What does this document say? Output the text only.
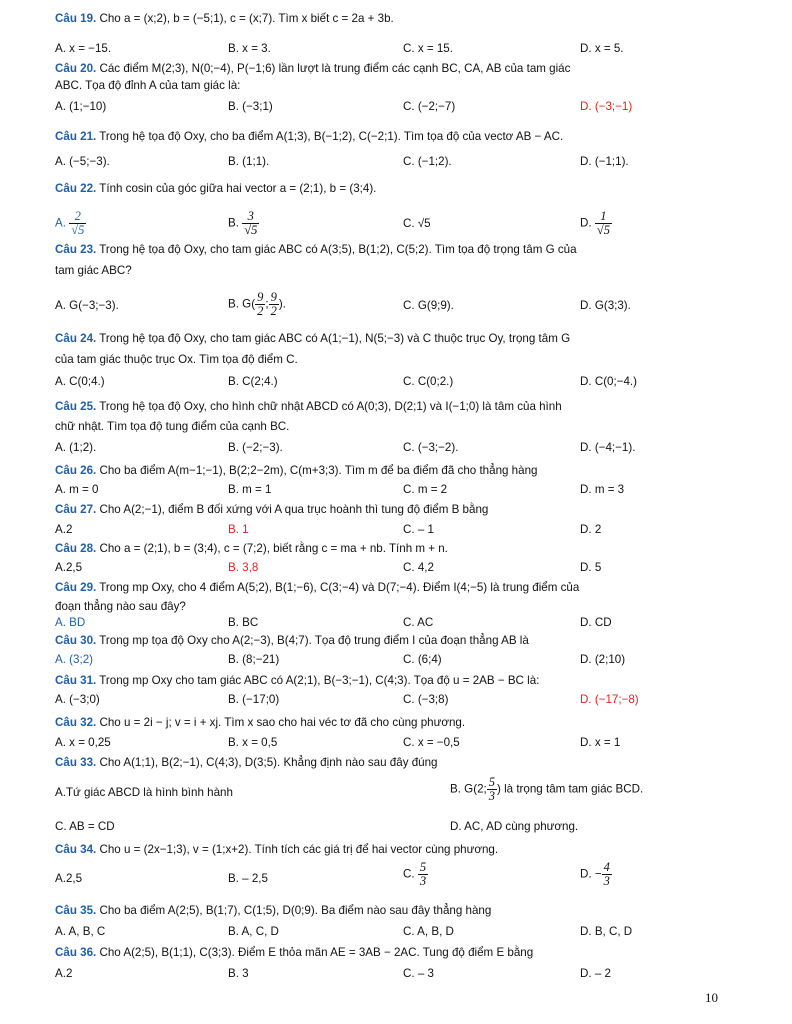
Câu 19. Cho a = (x;2), b = (−5;1), c = (x;7). Tìm x biết c = 2a + 3b.
A. x = −15.	B. x = 3.	C. x = 15.	D. x = 5.
Câu 20. Các điểm M(2;3), N(0;−4), P(−1;6) lần lượt là trung điểm các cạnh BC, CA, AB của tam giác
ABC. Tọa độ đỉnh A của tam giác là:
A. (1;−10)	B. (−3;1)	C. (−2;−7)	D. (−3;−1)
Câu 21. Trong hệ tọa độ Oxy, cho ba điểm A(1;3), B(−1;2), C(−2;1). Tìm tọa độ của vectơ AB − AC.
A. (−5;−3).	B. (1;1).	C. (−1;2).	D. (−1;1).
Câu 22. Tính cosin của góc giữa hai vector a = (2;1), b = (3;4).
A. $\frac{2}{√5}$	B. $\frac{3}{√5}$	C. √5	D. $\frac{1}{√5}$
Câu 23. Trong hệ tọa độ Oxy, cho tam giác ABC có A(3;5), B(1;2), C(5;2). Tìm tọa độ trọng tâm G của
tam giác ABC?
A. G(−3;−3).	B. $G( \frac{9}{2}$ ; $\frac{9}{2}$ ).	C. G(9;9).	D. G(3;3).
Câu 24. Trong hệ tọa độ Oxy, cho tam giác ABC có A(1;−1), N(5;−3) và C thuộc trục Oy, trọng tâm G
của tam giác thuộc trục Ox. Tìm tọa độ điểm C.
A. C(0;4.)	B. C(2;4.)	C. C(0;2.)	D. C(0;−4.)
Câu 25. Trong hệ tọa độ Oxy, cho hình chữ nhật ABCD có A(0;3), D(2;1) và I(−1;0) là tâm của hình
chữ nhật. Tìm tọa độ tung điểm của cạnh BC.
A. (1;2).	B. (−2;−3).	C. (−3;−2).	D. (−4;−1).
Câu 26. Cho ba điểm A(m−1;−1), B(2;2−2m), C(m+3;3). Tìm m để ba điểm đã cho thẳng hàng
A. m = 0	B. m = 1	C. m = 2	D. m = 3
Câu 27. Cho A(2;−1), điểm B đối xứng với A qua trục hoành thì tung độ điểm B bằng
A.2	B. 1	C. – 1	D. 2
Câu 28. Cho a = (2;1), b = (3;4), c = (7;2), biết rằng c = ma + nb. Tính m + n.
A.2,5	B. 3,8	C. 4,2	D. 5
Câu 29. Trong mp Oxy, cho 4 điểm A(5;2), B(1;−6), C(3;−4) và D(7;−4). Điểm I(4;−5) là trung điểm của
đoạn thẳng nào sau đây?
A. BD	B. BC	C. AC	D. CD
Câu 30. Trong mp tọa độ Oxy cho A(2;−3), B(4;7). Tọa độ trung điểm I của đoạn thẳng AB là
A. (3;2)	B. (8;−21)	C. (6;4)	D. (2;10)
Câu 31. Trong mp Oxy cho tam giác ABC có A(2;1), B(−3;−1), C(4;3). Tọa độ u = 2AB − BC là:
A. (−3;0)	B. (−17;0)	C. (−3;8)	D. (−17;−8)
Câu 32. Cho u = 2i − j; v = i + xj. Tìm x sao cho hai véc tơ đã cho cùng phương.
A. x = 0,25	B. x = 0,5	C. x = −0,5	D. x = 1
Câu 33. Cho A(1;1), B(2;−1), C(4;3), D(3;5). Khẳng định nào sau đây đúng
A.Tứ giác ABCD là hình bình hành	B. G(2; $\frac{5}{3}$ ) là trọng tâm tam giác BCD.
C. AB = CD	D. AC, AD cùng phương.
Câu 34. Cho u = (2x−1;3), v = (1;x+2). Tính tích các giá trị để hai vector cùng phương.
A.2,5	B. – 2,5	C. $\frac{5}{3}$	D. − $\frac{4}{3}$
Câu 35. Cho ba điểm A(2;5), B(1;7), C(1;5), D(0;9). Ba điểm nào sau đây thẳng hàng
A. A, B, C	B. A, C, D	C. A, B, D	D. B, C, D
Câu 36. Cho A(2;5), B(1;1), C(3;3). Điểm E thỏa mãn AE = 3AB − 2AC. Tung độ điểm E bằng
A.2	B. 3	C. – 3	D. – 2
10
